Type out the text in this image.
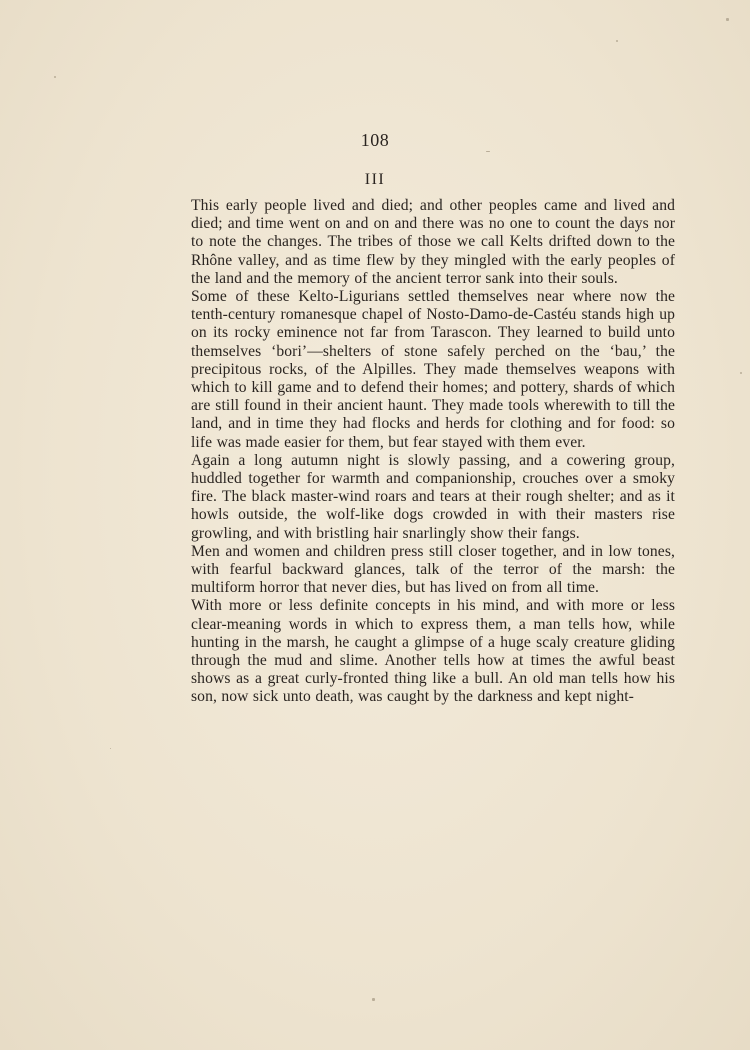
108
III

This early people lived and died; and other peoples came and lived and died; and time went on and on and there was no one to count the days nor to note the changes. The tribes of those we call Kelts drifted down to the Rhône valley, and as time flew by they mingled with the early peoples of the land and the memory of the ancient terror sank into their souls.

Some of these Kelto-Ligurians settled themselves near where now the tenth-century romanesque chapel of Nosto-Damo-de-Castéu stands high up on its rocky eminence not far from Tarascon. They learned to build unto themselves ‘bori’—shelters of stone safely perched on the ‘bau,’ the precipitous rocks, of the Alpilles. They made themselves weapons with which to kill game and to defend their homes; and pottery, shards of which are still found in their ancient haunt. They made tools wherewith to till the land, and in time they had flocks and herds for clothing and for food: so life was made easier for them, but fear stayed with them ever.

Again a long autumn night is slowly passing, and a cowering group, huddled together for warmth and companionship, crouches over a smoky fire. The black master-wind roars and tears at their rough shelter; and as it howls outside, the wolf-like dogs crowded in with their masters rise growling, and with bristling hair snarlingly show their fangs.

Men and women and children press still closer together, and in low tones, with fearful backward glances, talk of the terror of the marsh: the multiform horror that never dies, but has lived on from all time.

With more or less definite concepts in his mind, and with more or less clear-meaning words in which to express them, a man tells how, while hunting in the marsh, he caught a glimpse of a huge scaly creature gliding through the mud and slime. Another tells how at times the awful beast shows as a great curly-fronted thing like a bull. An old man tells how his son, now sick unto death, was caught by the darkness and kept night-
